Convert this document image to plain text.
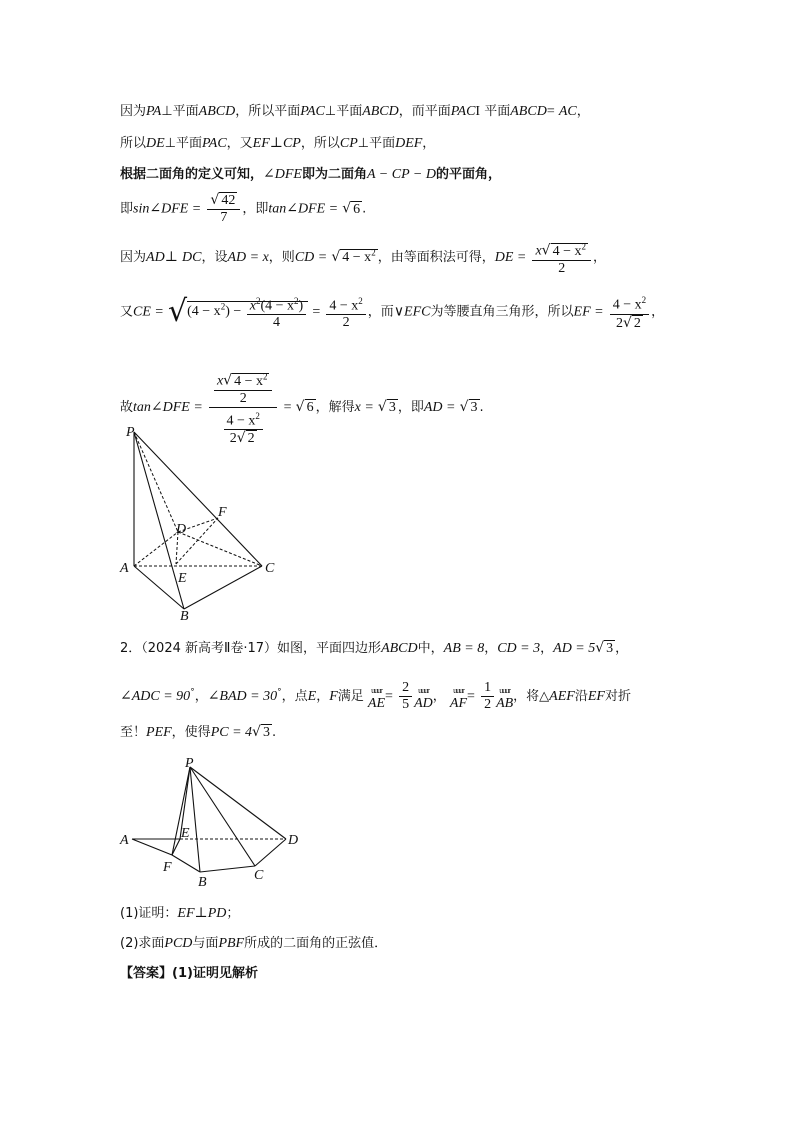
因为PA⊥平面ABCD，所以平面PAC⊥平面ABCD，而平面PACI 平面ABCD= AC，
所以DE⊥平面PAC，又EF⊥CP，所以CP⊥平面DEF，
根据二面角的定义可知，∠DFE即为二面角A − CP − D的平面角，
即sin∠DFE = $\frac{√ 42}{7}$ ，即tan∠DFE = √ 6 .
因为AD⊥ DC，设AD = x，则CD = √ $4 - x^2$ ，由等面积法可得，DE = $\frac{x√ 4 - x^2}{2}$ ，
又CE = $√(4 - x^2) - \frac{x^2(4 - x^2)}{4} = \frac{4 - x^2}{2}$ ，而∨EFC为等腰直角三角形，所以EF = $\frac{4 - x^2}{2√ 2}$ ，
故tan∠DFE = $\frac{\frac{x√ 4 - x^2}{2}}{\frac{4 - x^2}{2√ 2}}$ = √ 6 ，解得x = √ 3 ，即AD = √ 3 .
P
A
B
C
D
E
F
2．（2024 新高考Ⅱ卷·17）如图，平面四边形ABCD中，AB = 8，CD = 3，AD = 5√ 3 ，
∠ADC = 90°，∠BAD = 30°，点E，F满足 uuur
AE = $\frac{2}{5}$ uuur
AD ， uuur
AF = $\frac{1}{2}$ uuur
AB ，将△AEF沿EF对折
至！PEF，使得PC = 4√ 3 .
P
A	E	D
F
B	C
(1)证明：EF⊥PD；
(2)求面PCD与面PBF所成的二面角的正弦值．
【答案】(1)证明见解析
